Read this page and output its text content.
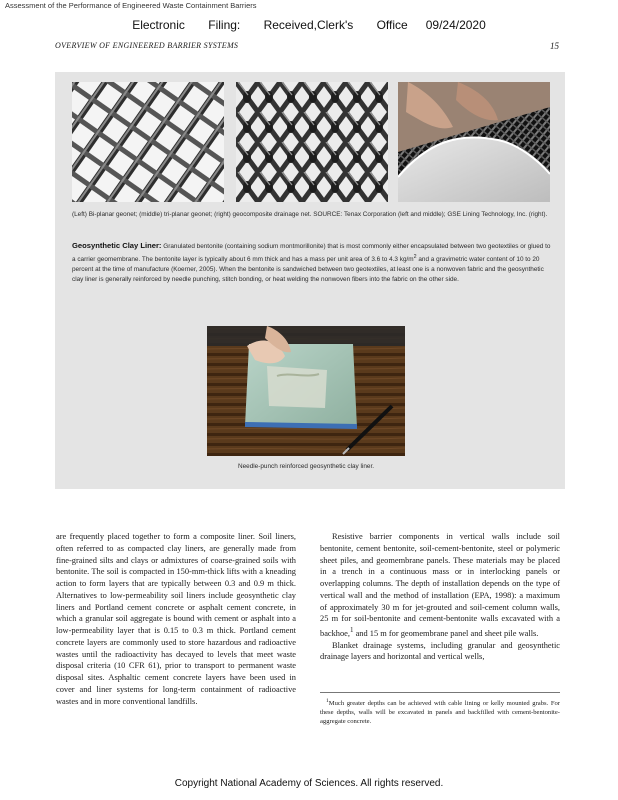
Assessment of the Performance of Engineered Waste Containment Barriers
Electronic Filing: Received,Clerk's Office 09/24/2020
OVERVIEW OF ENGINEERED BARRIER SYSTEMS	15
(Left) Bi-planar geonet; (middle) tri-planar geonet; (right) geocomposite drainage net. SOURCE: Tenax Corporation (left and middle); GSE Lining Technology, Inc. (right).
Geosynthetic Clay Liner: Granulated bentonite (containing sodium montmorillonite) that is most commonly either encapsulated between two geotextiles or glued to a carrier geomembrane. The bentonite layer is typically about 6 mm thick and has a mass per unit area of 3.6 to 4.3 $kg/m^2$ and a gravimetric water content of 10 to 20 percent at the time of manufacture (Koerner, 2005). When the bentonite is sandwiched between two geotextiles, at least one is a nonwoven fabric and the geosynthetic clay liner is generally reinforced by needle punching, stitch bonding, or heat welding the nonwoven fibers into the fabric on the other side.
Needle-punch reinforced geosynthetic clay liner.

are frequently placed together to form a composite liner. Soil liners, often referred to as compacted clay liners, are generally made from fine-grained silts and clays or admixtures of coarse-grained soils with bentonite. The soil is compacted in 150-mm-thick lifts with a kneading action to form layers that are typically between 0.3 and 0.9 m thick. Alternatives to low-permeability soil liners include geosynthetic clay liners and Portland cement concrete or asphalt cement concrete, in which a granular soil aggregate is bound with cement or asphalt into a low-permeability layer that is 0.15 to 0.3 m thick. Portland cement concrete layers are commonly used to store hazardous and radioactive wastes until the radioactivity has decayed to levels that meet waste disposal criteria (10 CFR 61), prior to transport to permanent waste disposal sites. Asphaltic cement concrete layers have been used in cover and liner systems for long-term containment of radioactive wastes and in more conventional landfills.

Resistive barrier components in vertical walls include soil bentonite, cement bentonite, soil-cement-bentonite, steel or polymeric sheet piles, and geomembrane panels. These materials may be placed in a trench in a continuous mass or in interlocking panels or overlapping columns. The depth of installation depends on the type of vertical wall and the method of installation (EPA, 1998): a maximum of approximately 30 m for jet-grouted and soil-cement column walls, 25 m for soil-bentonite and cement-bentonite walls excavated with a backhoe,$^1$ and 15 m for geomembrane panel and sheet pile walls.

Blanket drainage systems, including granular and geosynthetic drainage layers and horizontal and vertical wells,

$^1$Much greater depths can be achieved with cable lining or kelly mounted grabs. For these depths, walls will be excavated in panels and backfilled with cement-bentonite-aggregate concrete.

Copyright National Academy of Sciences. All rights reserved.
